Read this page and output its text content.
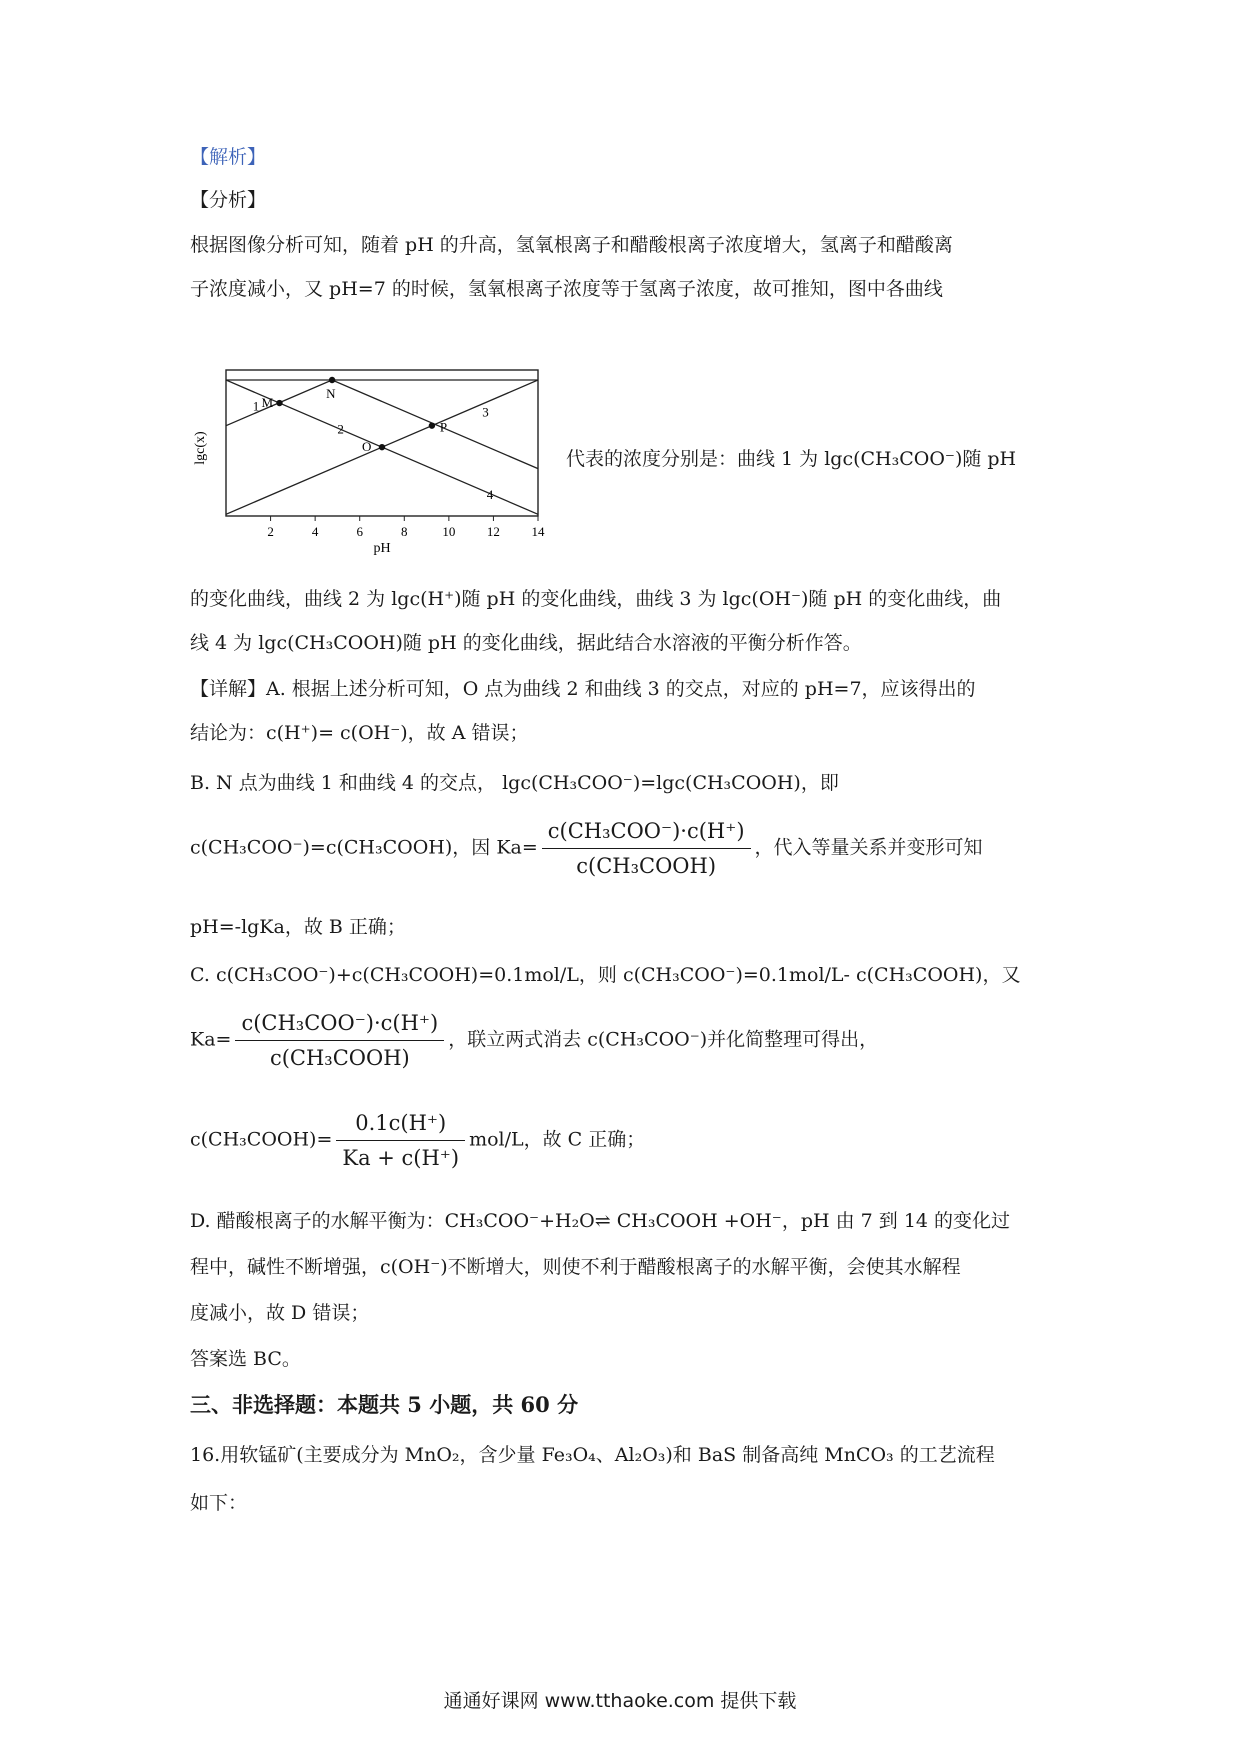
【解析】
【分析】
根据图像分析可知，随着 pH 的升高，氢氧根离子和醋酸根离子浓度增大，氢离子和醋酸离
子浓度减小，又 pH=7 的时候，氢氧根离子浓度等于氢离子浓度，故可推知，图中各曲线
2	4	6	8	10 12 14
pH
lgc(x)
1
2
3
4
M
N
O
P
代表的浓度分别是：曲线 1 为 lgc(CH₃COO⁻)随 pH
的变化曲线，曲线 2 为 lgc(H⁺)随 pH 的变化曲线，曲线 3 为 lgc(OH⁻)随 pH 的变化曲线，曲
线 4 为 lgc(CH₃COOH)随 pH 的变化曲线，据此结合水溶液的平衡分析作答。
【详解】A. 根据上述分析可知，O 点为曲线 2 和曲线 3 的交点，对应的 pH=7，应该得出的
结论为：c(H⁺)= c(OH⁻)，故 A 错误；
B. N 点为曲线 1 和曲线 4 的交点， lgc(CH₃COO⁻)=lgc(CH₃COOH)，即
c(CH₃COO⁻)=c(CH₃COOH)，因 $Ka= \frac{\text{c(CH₃COO⁻)·c(H⁺)}}{\text{c(CH₃COOH)}}$ ，代入等量关系并变形可知
pH=-lgKa，故 B 正确；
C. c(CH₃COO⁻)+c(CH₃COOH)=0.1mol/L，则 c(CH₃COO⁻)=0.1mol/L- c(CH₃COOH)，又
$Ka= \frac{\text{c(CH₃COO⁻)·c(H⁺)}}{\text{c(CH₃COOH)}}$ ，联立两式消去 c(CH₃COO⁻)并化简整理可得出，
c(CH₃COOH)= $\frac{0.1c(H^+)}{Ka + c(H^+)} mol/L$，故 C 正确；
D. 醋酸根离子的水解平衡为：CH₃COO⁻+H₂O⇌ CH₃COOH +OH⁻，pH 由 7 到 14 的变化过
程中，碱性不断增强，c(OH⁻)不断增大，则使不利于醋酸根离子的水解平衡，会使其水解程
度减小，故 D 错误；
答案选 BC。
三、非选择题：本题共 5 小题，共 60 分
16.用软锰矿(主要成分为 MnO₂，含少量 Fe₃O₄、Al₂O₃)和 BaS 制备高纯 MnCO₃ 的工艺流程
如下：
通通好课网 www.tthaoke.com 提供下载
